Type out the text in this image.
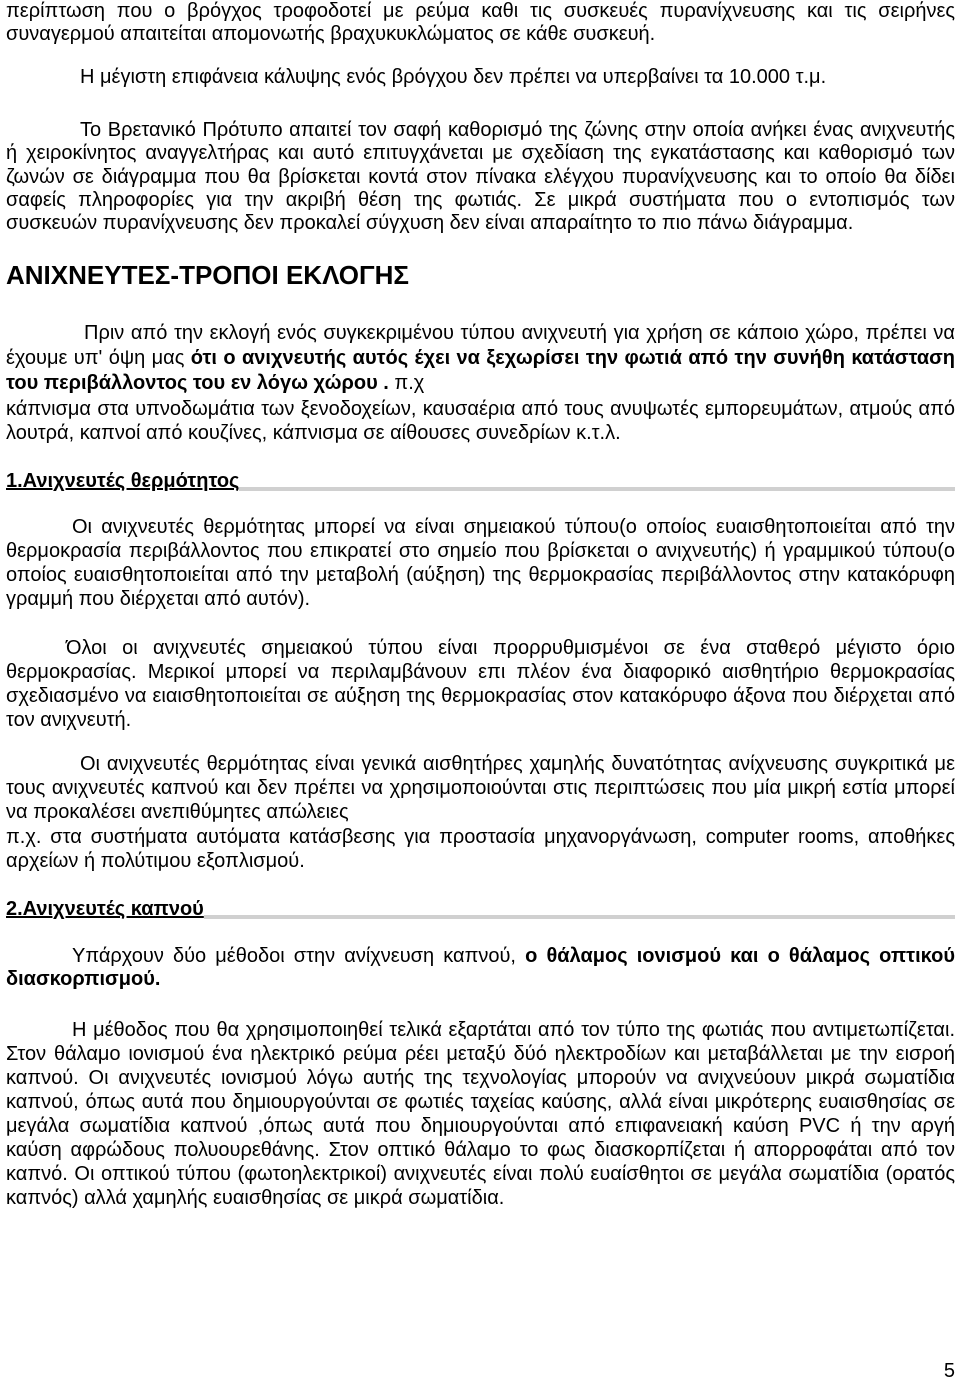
περίπτωση που ο βρόγχος τροφοδοτεί με ρεύμα καθι τις συσκευές πυρανίχνευσης και τις σειρήνες συναγερμού απαιτείται απομονωτής βραχυκυκλώματος σε κάθε συσκευή.

Η μέγιστη επιφάνεια κάλυψης ενός βρόγχου δεν πρέπει να υπερβαίνει τα 10.000 τ.μ.

Το Βρετανικό Πρότυπο απαιτεί τον σαφή καθορισμό της ζώνης στην οποία ανήκει ένας ανιχνευτής ή χειροκίνητος αναγγελτήρας και αυτό επιτυγχάνεται με σχεδίαση της εγκατάστασης και καθορισμό των ζωνών σε διάγραμμα που θα βρίσκεται κοντά στον πίνακα ελέγχου πυρανίχνευσης και το οποίο θα δίδει σαφείς πληροφορίες για την ακριβή θέση της φωτιάς. Σε μικρά συστήματα που ο εντοπισμός των συσκευών πυρανίχνευσης δεν προκαλεί σύγχυση δεν είναι απαραίτητο το πιο πάνω διάγραμμα.

ΑΝΙΧΝΕΥΤΕΣ-ΤΡΟΠΟΙ ΕΚΛΟΓΗΣ

Πριν από την εκλογή ενός συγκεκριμένου τύπου ανιχνευτή για χρήση σε κάποιο χώρο, πρέπει να έχουμε υπ' όψη μας ότι ο ανιχνευτής αυτός έχει να ξεχωρίσει την φωτιά από την συνήθη κατάσταση του περιβάλλοντος του εν λόγω χώρου . π.χ

κάπνισμα στα υπνοδωμάτια των ξενοδοχείων, καυσαέρια από τους ανυψωτές εμπορευμάτων, ατμούς από λουτρά, καπνοί από κουζίνες, κάπνισμα σε αίθουσες συνεδρίων κ.τ.λ.

1.Ανιχνευτές θερμότητος

Οι ανιχνευτές θερμότητας μπορεί να είναι σημειακού τύπου(ο οποίος ευαισθητοποιείται από την θερμοκρασία περιβάλλοντος που επικρατεί στο σημείο που βρίσκεται ο ανιχνευτής) ή γραμμικού τύπου(ο οποίος ευαισθητοποιείται από την μεταβολή (αύξηση) της θερμοκρασίας περιβάλλοντος στην κατακόρυφη γραμμή που διέρχεται από αυτόν).

Όλοι οι ανιχνευτές σημειακού τύπου είναι προρρυθμισμένοι σε ένα σταθερό μέγιστο όριο θερμοκρασίας. Μερικοί μπορεί να περιλαμβάνουν επι πλέον ένα διαφορικό αισθητήριο θερμοκρασίας σχεδιασμένο να ειαισθητοποιείται σε αύξηση της θερμοκρασίας στον κατακόρυφο άξονα που διέρχεται από τον ανιχνευτή.

Οι ανιχνευτές θερμότητας είναι γενικά αισθητήρες χαμηλής δυνατότητας ανίχνευσης συγκριτικά με τους ανιχνευτές καπνού και δεν πρέπει να χρησιμοποιούνται στις περιπτώσεις που μία μικρή εστία μπορεί να προκαλέσει ανεπιθύμητες απώλειες

π.χ. στα συστήματα αυτόματα κατάσβεσης για προστασία μηχανοργάνωση, computer rooms, αποθήκες αρχείων ή πολύτιμου εξοπλισμού.

2.Ανιχνευτές καπνού

Υπάρχουν δύο μέθοδοι στην ανίχνευση καπνού, ο θάλαμος ιονισμού και ο θάλαμος οπτικού διασκορπισμού.

Η μέθοδος που θα χρησιμοποιηθεί τελικά εξαρτάται από τον τύπο της φωτιάς που αντιμετωπίζεται. Στον θάλαμο ιονισμού ένα ηλεκτρικό ρεύμα ρέει μεταξύ δύό ηλεκτροδίων και μεταβάλλεται με την εισροή καπνού. Οι ανιχνευτές ιονισμού λόγω αυτής της τεχνολογίας μπορούν να ανιχνεύουν μικρά σωματίδια καπνού, όπως αυτά που δημιουργούνται σε φωτιές ταχείας καύσης, αλλά είναι μικρότερης ευαισθησίας σε μεγάλα σωματίδια καπνού ,όπως αυτά που δημιουργούνται από επιφανειακή καύση PVC ή την αργή καύση αφρώδους πολυουρεθάνης. Στον οπτικό θάλαμο το φως διασκορπίζεται ή απορροφάται από τον καπνό. Οι οπτικού τύπου (φωτοηλεκτρικοί) ανιχνευτές είναι πολύ ευαίσθητοι σε μεγάλα σωματίδια (ορατός καπνός) αλλά χαμηλής ευαισθησίας σε μικρά σωματίδια.

5
